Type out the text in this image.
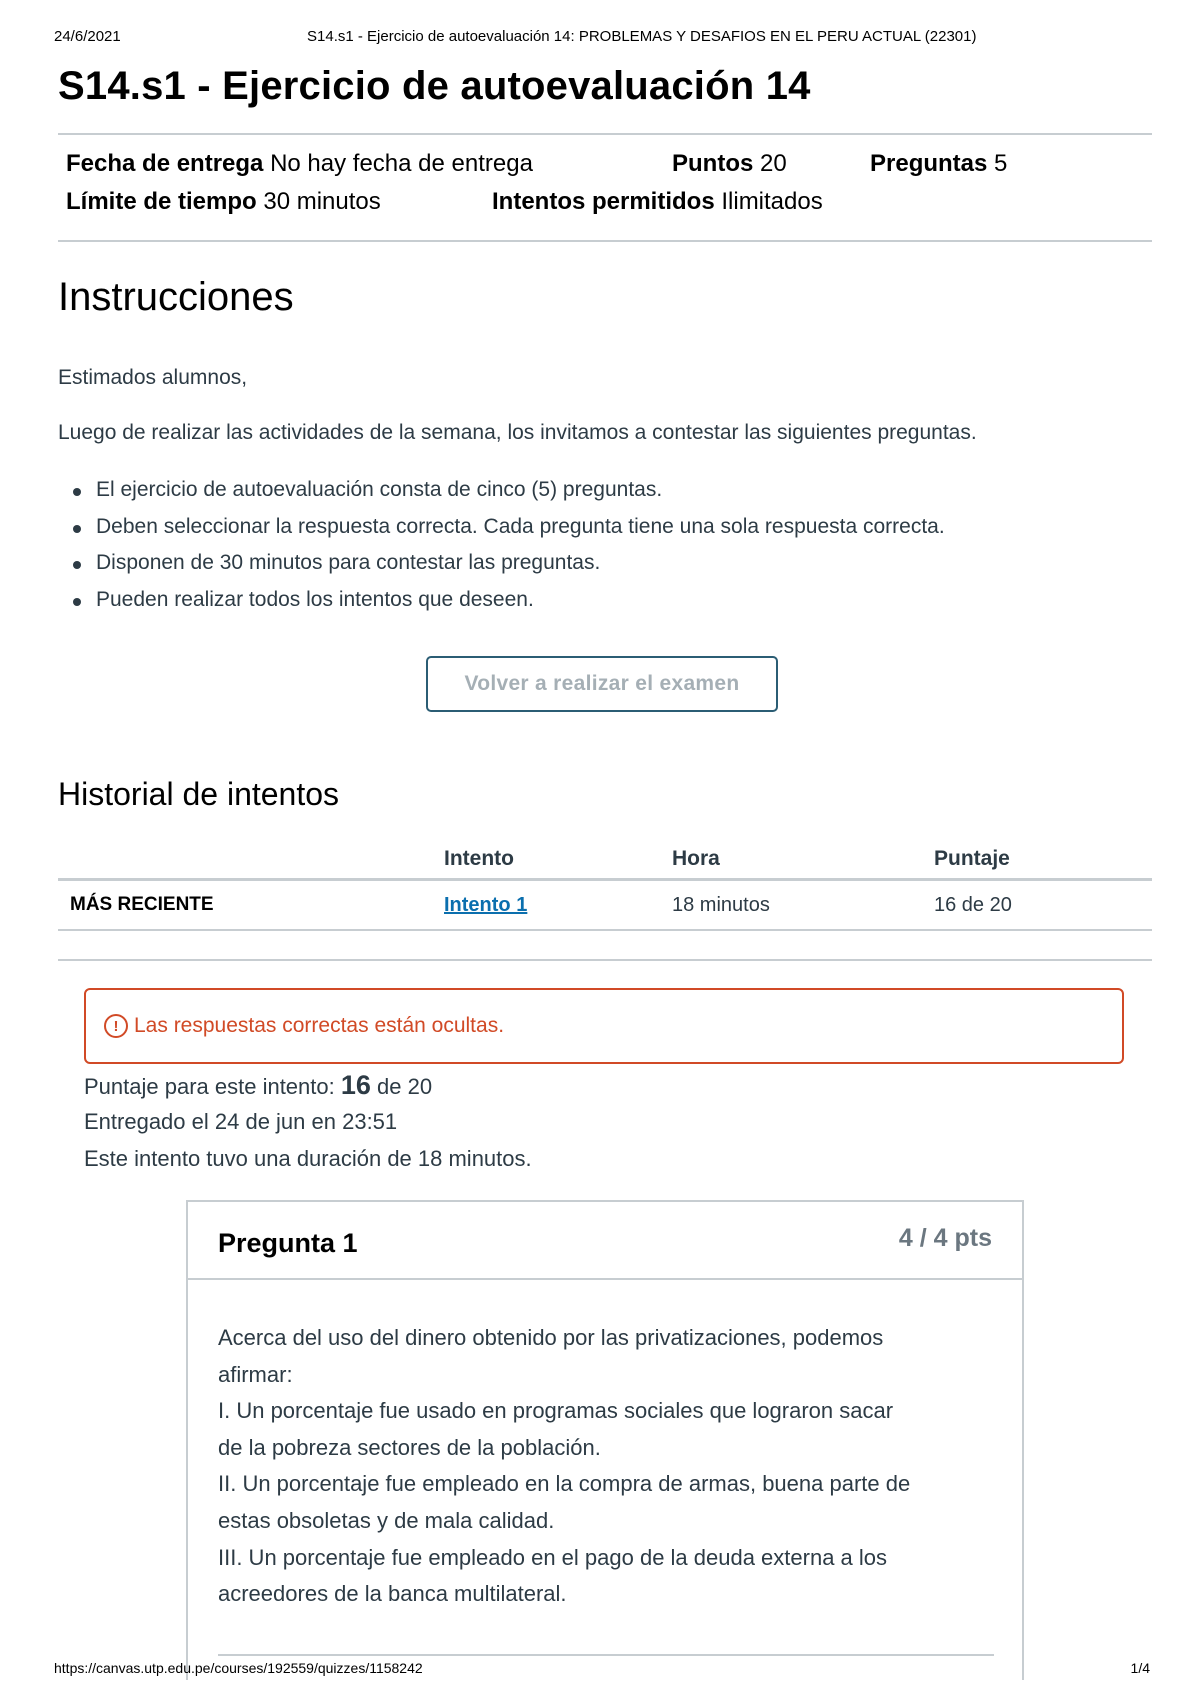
24/6/2021	S14.s1 - Ejercicio de autoevaluación 14: PROBLEMAS Y DESAFIOS EN EL PERU ACTUAL (22301)
S14.s1 - Ejercicio de autoevaluación 14
Fecha de entrega No hay fecha de entrega	Puntos 20	Preguntas 5
Límite de tiempo 30 minutos	Intentos permitidos Ilimitados
Instrucciones

Estimados alumnos,

Luego de realizar las actividades de la semana, los invitamos a contestar las siguientes preguntas.

El ejercicio de autoevaluación consta de cinco (5) preguntas.
Deben seleccionar la respuesta correcta. Cada pregunta tiene una sola respuesta correcta.
Disponen de 30 minutos para contestar las preguntas.
Pueden realizar todos los intentos que deseen.
Volver a realizar el examen
Historial de intentos
	Intento	Hora	Puntaje
MÁS RECIENTE	Intento 1	18 minutos	16 de 20
! Las respuestas correctas están ocultas.
Puntaje para este intento: 16 de 20
Entregado el 24 de jun en 23:51
Este intento tuvo una duración de 18 minutos.
Pregunta 1	4 / 4 pts

Acerca del uso del dinero obtenido por las privatizaciones, podemos

afirmar:

I. Un porcentaje fue usado en programas sociales que lograron sacar

de la pobreza sectores de la población.

II. Un porcentaje fue empleado en la compra de armas, buena parte de

estas obsoletas y de mala calidad.

III. Un porcentaje fue empleado en el pago de la deuda externa a los

acreedores de la banca multilateral.

https://canvas.utp.edu.pe/courses/192559/quizzes/1158242	1/4
